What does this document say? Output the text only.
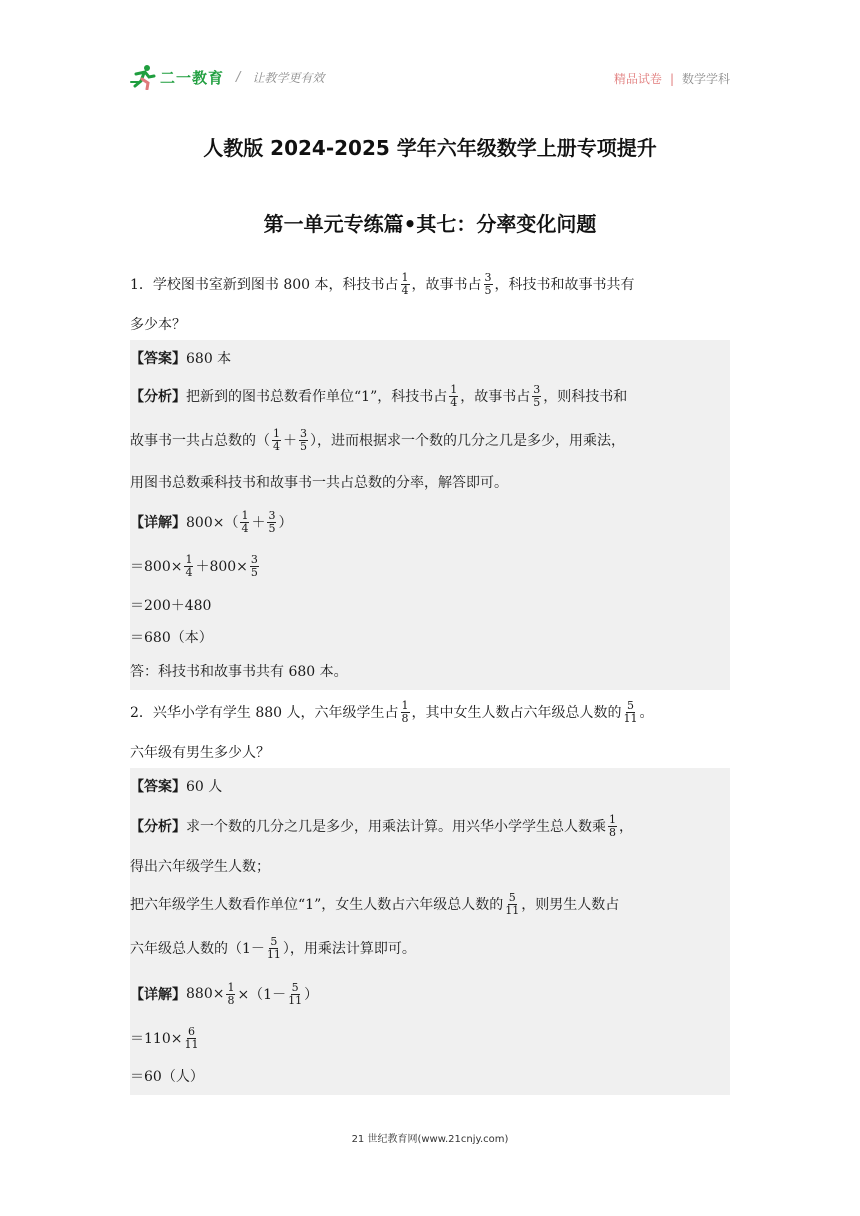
二一教育 / 让教学更有效	精品试卷 | 数学学科
人教版 2024-2025 学年六年级数学上册专项提升
第一单元专练篇•其七：分率变化问题
1．学校图书室新到图书 800 本，科技书占 $\frac{1}{4}$ ，故事书占 $\frac{3}{5}$ ，科技书和故事书共有
多少本？
【答案】 680 本
【分析】 把新到的图书总数看作单位“1”，科技书占 $\frac{1}{4}$ ，故事书占 $\frac{3}{5}$ ，则科技书和
故事书一共占总数的（ $\frac{1}{4} + \frac{3}{5}$ ），进而根据求一个数的几分之几是多少，用乘法，
用图书总数乘科技书和故事书一共占总数的分率，解答即可。
【详解】 $800\times( \frac{1}{4} + \frac{3}{5}$ ）
$=800\times \frac{1}{4} +800\times \frac{3}{5}$
＝200＋480
＝680（本）
答：科技书和故事书共有 680 本。
2．兴华小学有学生 880 人，六年级学生占 $\frac{1}{8}$ ，其中女生人数占六年级总人数的 $\frac{5}{11}$ 。
六年级有男生多少人？
【答案】 60 人
【分析】 求一个数的几分之几是多少，用乘法计算。用兴华小学学生总人数乘 $\frac{1}{8}$ ，
得出六年级学生人数；
把六年级学生人数看作单位“1”，女生人数占六年级总人数的 $\frac{5}{11}$ ，则男生人数占
六年级总人数的（$1- \frac{5}{11}$ ），用乘法计算即可。
【详解】 $880\times \frac{1}{8} \times(1- \frac{5}{11}$ ）
$=110\times \frac{6}{11}$
＝60（人）
21 世纪教育网(www.21cnjy.com)
